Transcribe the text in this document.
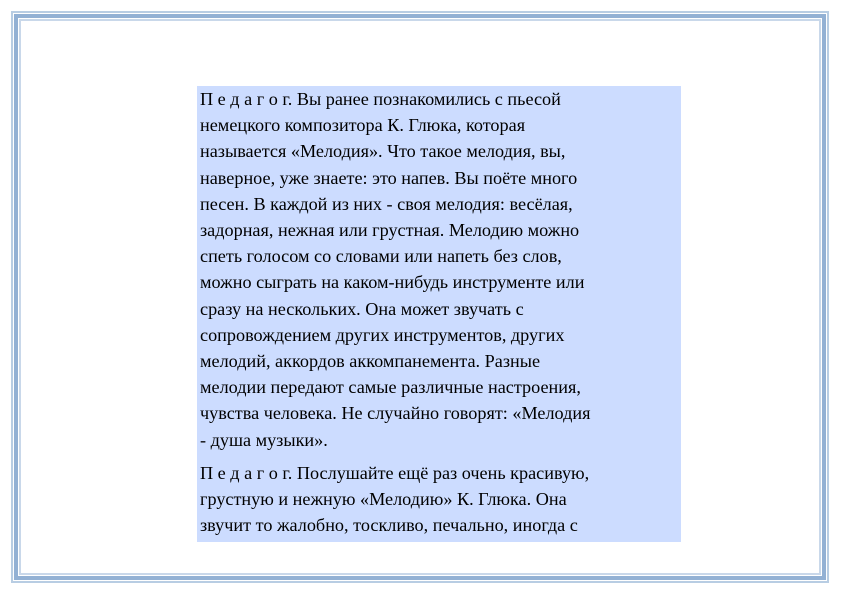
П е д а г о г. Вы ранее познакомились с пьесой
немецкого композитора К. Глюка, которая
называется «Мелодия». Что такое мелодия, вы,
наверное, уже знаете: это напев. Вы поёте много
песен. В каждой из них - своя мелодия: весёлая,
задорная, нежная или грустная. Мелодию можно
спеть голосом со словами или напеть без слов,
можно сыграть на каком-нибудь инструменте или
сразу на нескольких. Она может звучать с
сопровождением других инструментов, других
мелодий, аккордов аккомпанемента. Разные
мелодии передают самые различные настроения,
чувства человека. Не случайно говорят: «Мелодия
- душа музыки».

П е д а г о г. Послушайте ещё раз очень красивую,
грустную и нежную «Мелодию» К. Глюка. Она
звучит то жалобно, тоскливо, печально, иногда с
